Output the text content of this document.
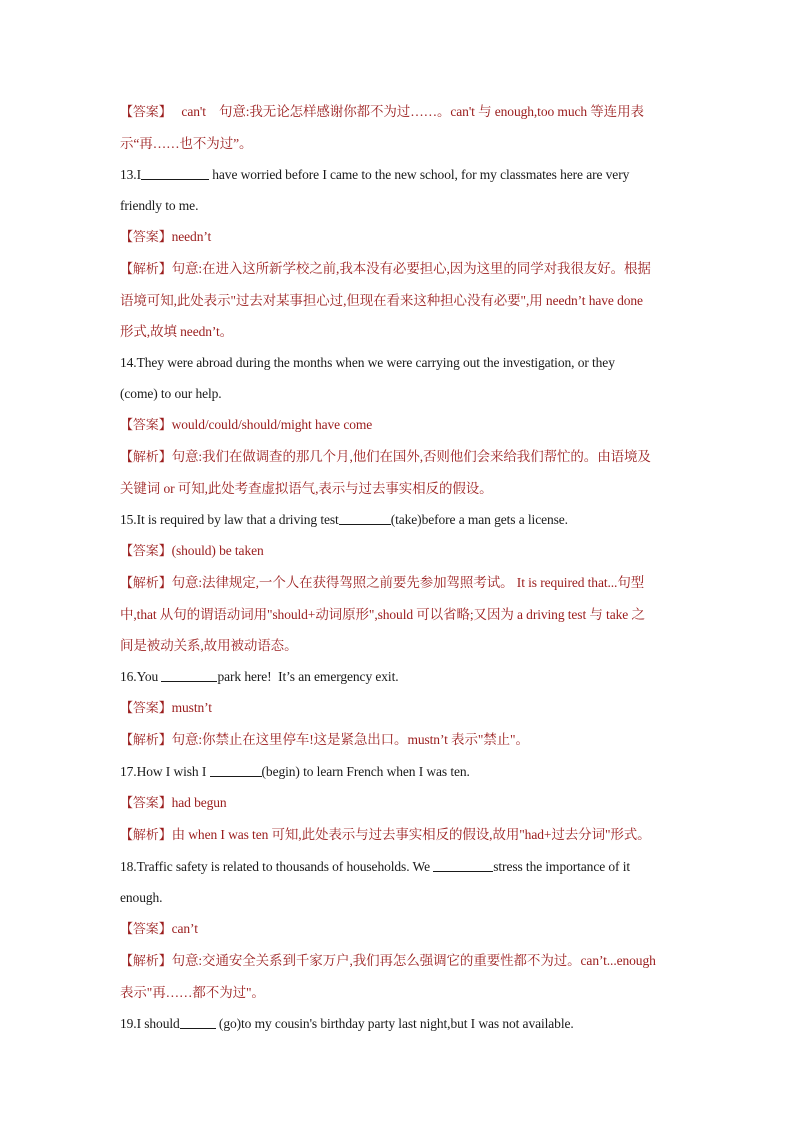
【答案】   can't    句意:我无论怎样感谢你都不为过……。can't 与 enough,too much 等连用表
示“再……也不为过”。
13.I	have worried before I came to the new school, for my classmates here are very
friendly to me.
【答案】needn’t
【解析】句意:在进入这所新学校之前,我本没有必要担心,因为这里的同学对我很友好。根据
语境可知,此处表示"过去对某事担心过,但现在看来这种担心没有必要",用 needn’t have done
形式,故填 needn’t。
14.They were abroad during the months when we were carrying out the investigation, or they
(come) to our help.
【答案】would/could/should/might have come
【解析】句意:我们在做调查的那几个月,他们在国外,否则他们会来给我们帮忙的。由语境及
关键词 or 可知,此处考查虚拟语气,表示与过去事实相反的假设。
15.It is required by law that a driving test	(take)before a man gets a license.
【答案】(should) be taken
【解析】句意:法律规定,一个人在获得驾照之前要先参加驾照考试。 It is required that...句型
中,that 从句的谓语动词用"should+动词原形",should 可以省略;又因为 a driving test 与 take 之
间是被动关系,故用被动语态。
16.You	park here!  It’s an emergency exit.
【答案】mustn’t
【解析】句意:你禁止在这里停车!这是紧急出口。mustn’t 表示"禁止"。
17.How I wish I	(begin) to learn French when I was ten.
【答案】had begun
【解析】由 when I was ten 可知,此处表示与过去事实相反的假设,故用"had+过去分词"形式。
18.Traffic safety is related to thousands of households. We	stress the importance of it
enough.
【答案】can’t
【解析】句意:交通安全关系到千家万户,我们再怎么强调它的重要性都不为过。can’t...enough
表示"再……都不为过"。
19.I should	(go)to my cousin's birthday party last night,but I was not available.
